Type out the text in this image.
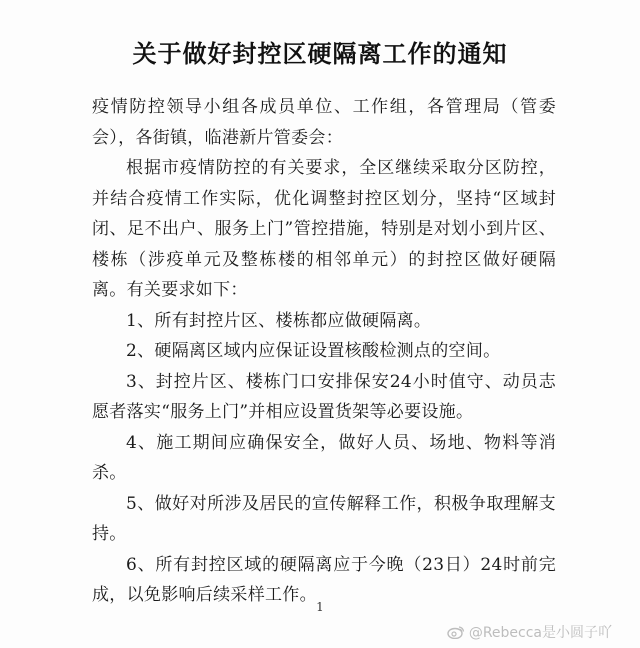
关于做好封控区硬隔离工作的通知

疫情防控领导小组各成员单位、工作组，各管理局（管委会），各街镇，临港新片管委会：

根据市疫情防控的有关要求，全区继续采取分区防控，并结合疫情工作实际，优化调整封控区划分，坚持“区域封闭、足不出户、服务上门”管控措施，特别是对划小到片区、楼栋（涉疫单元及整栋楼的相邻单元）的封控区做好硬隔离。有关要求如下：

1、所有封控片区、楼栋都应做硬隔离。

2、硬隔离区域内应保证设置核酸检测点的空间。

3、封控片区、楼栋门口安排保安24小时值守、动员志愿者落实“服务上门”并相应设置货架等必要设施。

4、施工期间应确保安全，做好人员、场地、物料等消杀。

5、做好对所涉及居民的宣传解释工作，积极争取理解支持。

6、所有封控区域的硬隔离应于今晚（23日）24时前完成，以免影响后续采样工作。

1
@Rebecca是小圆子吖
